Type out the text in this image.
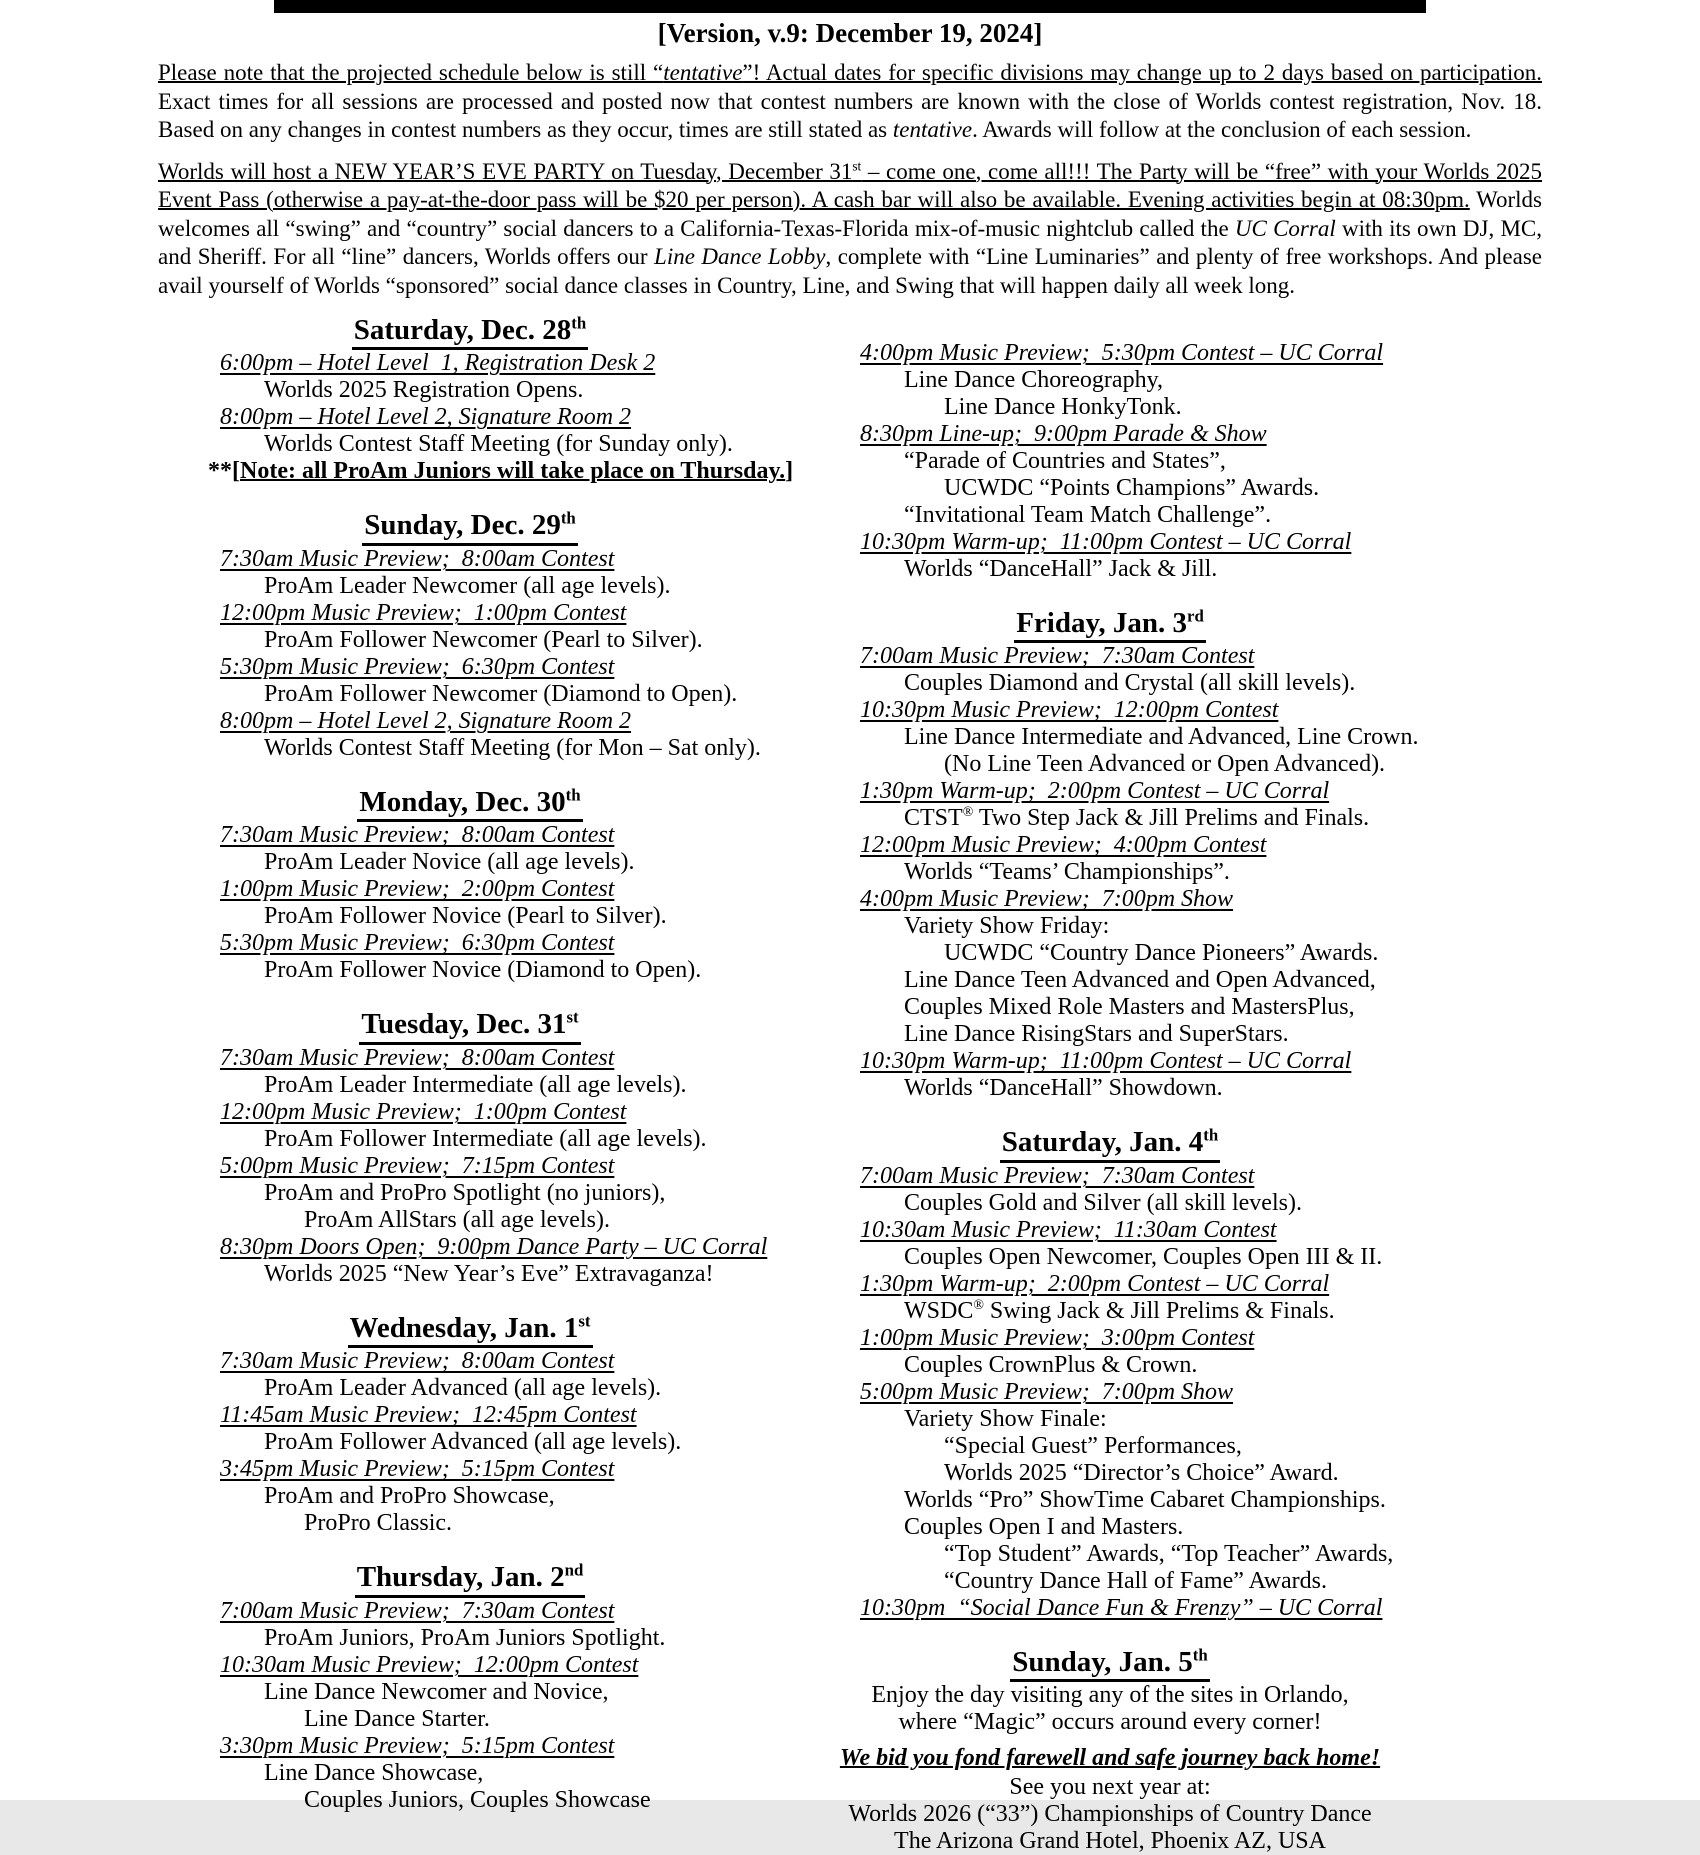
[Version, v.9: December 19, 2024]
Please note that the projected schedule below is still “tentative”! Actual dates for specific divisions may change up to 2 days based on participation. Exact times for all sessions are processed and posted now that contest numbers are known with the close of Worlds contest registration, Nov. 18. Based on any changes in contest numbers as they occur, times are still stated as tentative. Awards will follow at the conclusion of each session.
Worlds will host a NEW YEAR’S EVE PARTY on Tuesday, December 31st – come one, come all!!! The Party will be “free” with your Worlds 2025 Event Pass (otherwise a pay-at-the-door pass will be $20 per person). A cash bar will also be available. Evening activities begin at 08:30pm. Worlds welcomes all “swing” and “country” social dancers to a California-Texas-Florida mix-of-music nightclub called the UC Corral with its own DJ, MC, and Sheriff. For all “line” dancers, Worlds offers our Line Dance Lobby, complete with “Line Luminaries” and plenty of free workshops. And please avail yourself of Worlds “sponsored” social dance classes in Country, Line, and Swing that will happen daily all week long.
Saturday, Dec. 28th
6:00pm – Hotel Level  1, Registration Desk 2
Worlds 2025 Registration Opens.
8:00pm – Hotel Level 2, Signature Room 2
Worlds Contest Staff Meeting (for Sunday only).
**[Note: all ProAm Juniors will take place on Thursday.]
Sunday, Dec. 29th
7:30am Music Preview;  8:00am Contest
ProAm Leader Newcomer (all age levels).
12:00pm Music Preview;  1:00pm Contest
ProAm Follower Newcomer (Pearl to Silver).
5:30pm Music Preview;  6:30pm Contest
ProAm Follower Newcomer (Diamond to Open).
8:00pm – Hotel Level 2, Signature Room 2
Worlds Contest Staff Meeting (for Mon – Sat only).
Monday, Dec. 30th
7:30am Music Preview;  8:00am Contest
ProAm Leader Novice (all age levels).
1:00pm Music Preview;  2:00pm Contest
ProAm Follower Novice (Pearl to Silver).
5:30pm Music Preview;  6:30pm Contest
ProAm Follower Novice (Diamond to Open).
Tuesday, Dec. 31st
7:30am Music Preview;  8:00am Contest
ProAm Leader Intermediate (all age levels).
12:00pm Music Preview;  1:00pm Contest
ProAm Follower Intermediate (all age levels).
5:00pm Music Preview;  7:15pm Contest
ProAm and ProPro Spotlight (no juniors),
ProAm AllStars (all age levels).
8:30pm Doors Open;  9:00pm Dance Party – UC Corral
Worlds 2025 “New Year’s Eve” Extravaganza!
Wednesday, Jan. 1st
7:30am Music Preview;  8:00am Contest
ProAm Leader Advanced (all age levels).
11:45am Music Preview;  12:45pm Contest
ProAm Follower Advanced (all age levels).
3:45pm Music Preview;  5:15pm Contest
ProAm and ProPro Showcase,
ProPro Classic.
Thursday, Jan. 2nd
7:00am Music Preview;  7:30am Contest
ProAm Juniors, ProAm Juniors Spotlight.
10:30am Music Preview;  12:00pm Contest
Line Dance Newcomer and Novice,
Line Dance Starter.
3:30pm Music Preview;  5:15pm Contest
Line Dance Showcase,
Couples Juniors, Couples Showcase
4:00pm Music Preview;  5:30pm Contest – UC Corral
Line Dance Choreography,
Line Dance HonkyTonk.
8:30pm Line-up;  9:00pm Parade & Show
“Parade of Countries and States”,
UCWDC “Points Champions” Awards.
“Invitational Team Match Challenge”.
10:30pm Warm-up;  11:00pm Contest – UC Corral
Worlds “DanceHall” Jack & Jill.
Friday, Jan. 3rd
7:00am Music Preview;  7:30am Contest
Couples Diamond and Crystal (all skill levels).
10:30pm Music Preview;  12:00pm Contest
Line Dance Intermediate and Advanced, Line Crown.
(No Line Teen Advanced or Open Advanced).
1:30pm Warm-up;  2:00pm Contest – UC Corral
CTST® Two Step Jack & Jill Prelims and Finals.
12:00pm Music Preview;  4:00pm Contest
Worlds “Teams’ Championships”.
4:00pm Music Preview;  7:00pm Show
Variety Show Friday:
UCWDC “Country Dance Pioneers” Awards.
Line Dance Teen Advanced and Open Advanced,
Couples Mixed Role Masters and MastersPlus,
Line Dance RisingStars and SuperStars.
10:30pm Warm-up;  11:00pm Contest – UC Corral
Worlds “DanceHall” Showdown.
Saturday, Jan. 4th
7:00am Music Preview;  7:30am Contest
Couples Gold and Silver (all skill levels).
10:30am Music Preview;  11:30am Contest
Couples Open Newcomer, Couples Open III & II.
1:30pm Warm-up;  2:00pm Contest – UC Corral
WSDC® Swing Jack & Jill Prelims & Finals.
1:00pm Music Preview;  3:00pm Contest
Couples CrownPlus & Crown.
5:00pm Music Preview;  7:00pm Show
Variety Show Finale:
“Special Guest” Performances,
Worlds 2025 “Director’s Choice” Award.
Worlds “Pro” ShowTime Cabaret Championships.
Couples Open I and Masters.
“Top Student” Awards, “Top Teacher” Awards,
“Country Dance Hall of Fame” Awards.
10:30pm  “Social Dance Fun & Frenzy” – UC Corral
Sunday, Jan. 5th
Enjoy the day visiting any of the sites in Orlando,
where “Magic” occurs around every corner!
We bid you fond farewell and safe journey back home!
See you next year at:
Worlds 2026 (“33”) Championships of Country Dance
The Arizona Grand Hotel, Phoenix AZ, USA
